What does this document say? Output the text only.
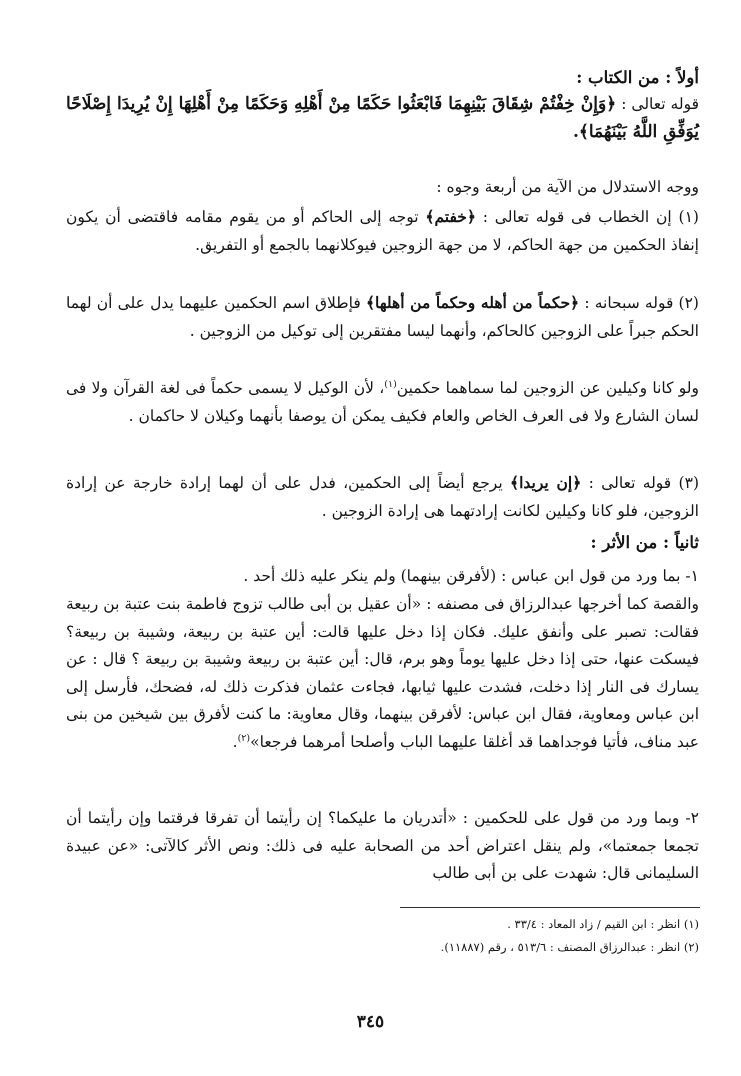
أولاً : من الكتاب :

قوله تعالى : ﴿وَإِنْ خِفْتُمْ شِقَاقَ بَيْنِهِمَا فَابْعَثُوا حَكَمًا مِنْ أَهْلِهِ وَحَكَمًا مِنْ أَهْلِهَا إِنْ يُرِيدَا إِصْلَاحًا يُوَفِّقِ اللَّهُ بَيْنَهُمَا﴾.

ووجه الاستدلال من الآية من أربعة وجوه :

(١) إن الخطاب فى قوله تعالى : ﴿خفتم﴾ توجه إلى الحاكم أو من يقوم مقامه فاقتضى أن يكون إنفاذ الحكمين من جهة الحاكم، لا من جهة الزوجين فيوكلانهما بالجمع أو التفريق.

(٢) قوله سبحانه : ﴿حكماً من أهله وحكماً من أهلها﴾ فإطلاق اسم الحكمين عليهما يدل على أن لهما الحكم جبراً على الزوجين كالحاكم، وأنهما ليسا مفتقرين إلى توكيل من الزوجين .

ولو كانا وكيلين عن الزوجين لما سماهما حكمين$^{(١)}$، لأن الوكيل لا يسمى حكماً فى لغة القرآن ولا فى لسان الشارع ولا فى العرف الخاص والعام فكيف يمكن أن يوصفا بأنهما وكيلان لا حاكمان .

(٣) قوله تعالى : ﴿إن يريدا﴾ يرجع أيضاً إلى الحكمين، فدل على أن لهما إرادة خارجة عن إرادة الزوجين، فلو كانا وكيلين لكانت إرادتهما هى إرادة الزوجين .

ثانياً : من الأثر :

١- بما ورد من قول ابن عباس : (لأفرقن بينهما) ولم ينكر عليه ذلك أحد .

والقصة كما أخرجها عبدالرزاق فى مصنفه : «أن عقيل بن أبى طالب تزوج فاطمة بنت عتبة بن ربيعة فقالت: تصبر على وأنفق عليك. فكان إذا دخل عليها قالت: أين عتبة بن ربيعة، وشيبة بن ربيعة؟ فيسكت عنها، حتى إذا دخل عليها يوماً وهو برم، قال: أين عتبة بن ربيعة وشيبة بن ربيعة ؟ قال : عن يسارك فى النار إذا دخلت، فشدت عليها ثيابها، فجاءت عثمان فذكرت ذلك له، فضحك، فأرسل إلى ابن عباس ومعاوية، فقال ابن عباس: لأفرقن بينهما، وقال معاوية: ما كنت لأفرق بين شيخين من بنى عبد مناف، فأتيا فوجداهما قد أغلقا عليهما الباب وأصلحا أمرهما فرجعا»$^{(٢)}$.

٢- وبما ورد من قول على للحكمين : «أتدريان ما عليكما؟ إن رأيتما أن تفرقا فرقتما وإن رأيتما أن تجمعا جمعتما»، ولم ينقل اعتراض أحد من الصحابة عليه فى ذلك: ونص الأثر كالآتى: «عن عبيدة السليمانى قال: شهدت على بن أبى طالب

(١) انظر : ابن القيم / زاد المعاد : ٣٣/٤ .
(٢) انظر : عبدالرزاق المصنف : ٥١٣/٦ ، رقم (١١٨٨٧).
٣٤٥
